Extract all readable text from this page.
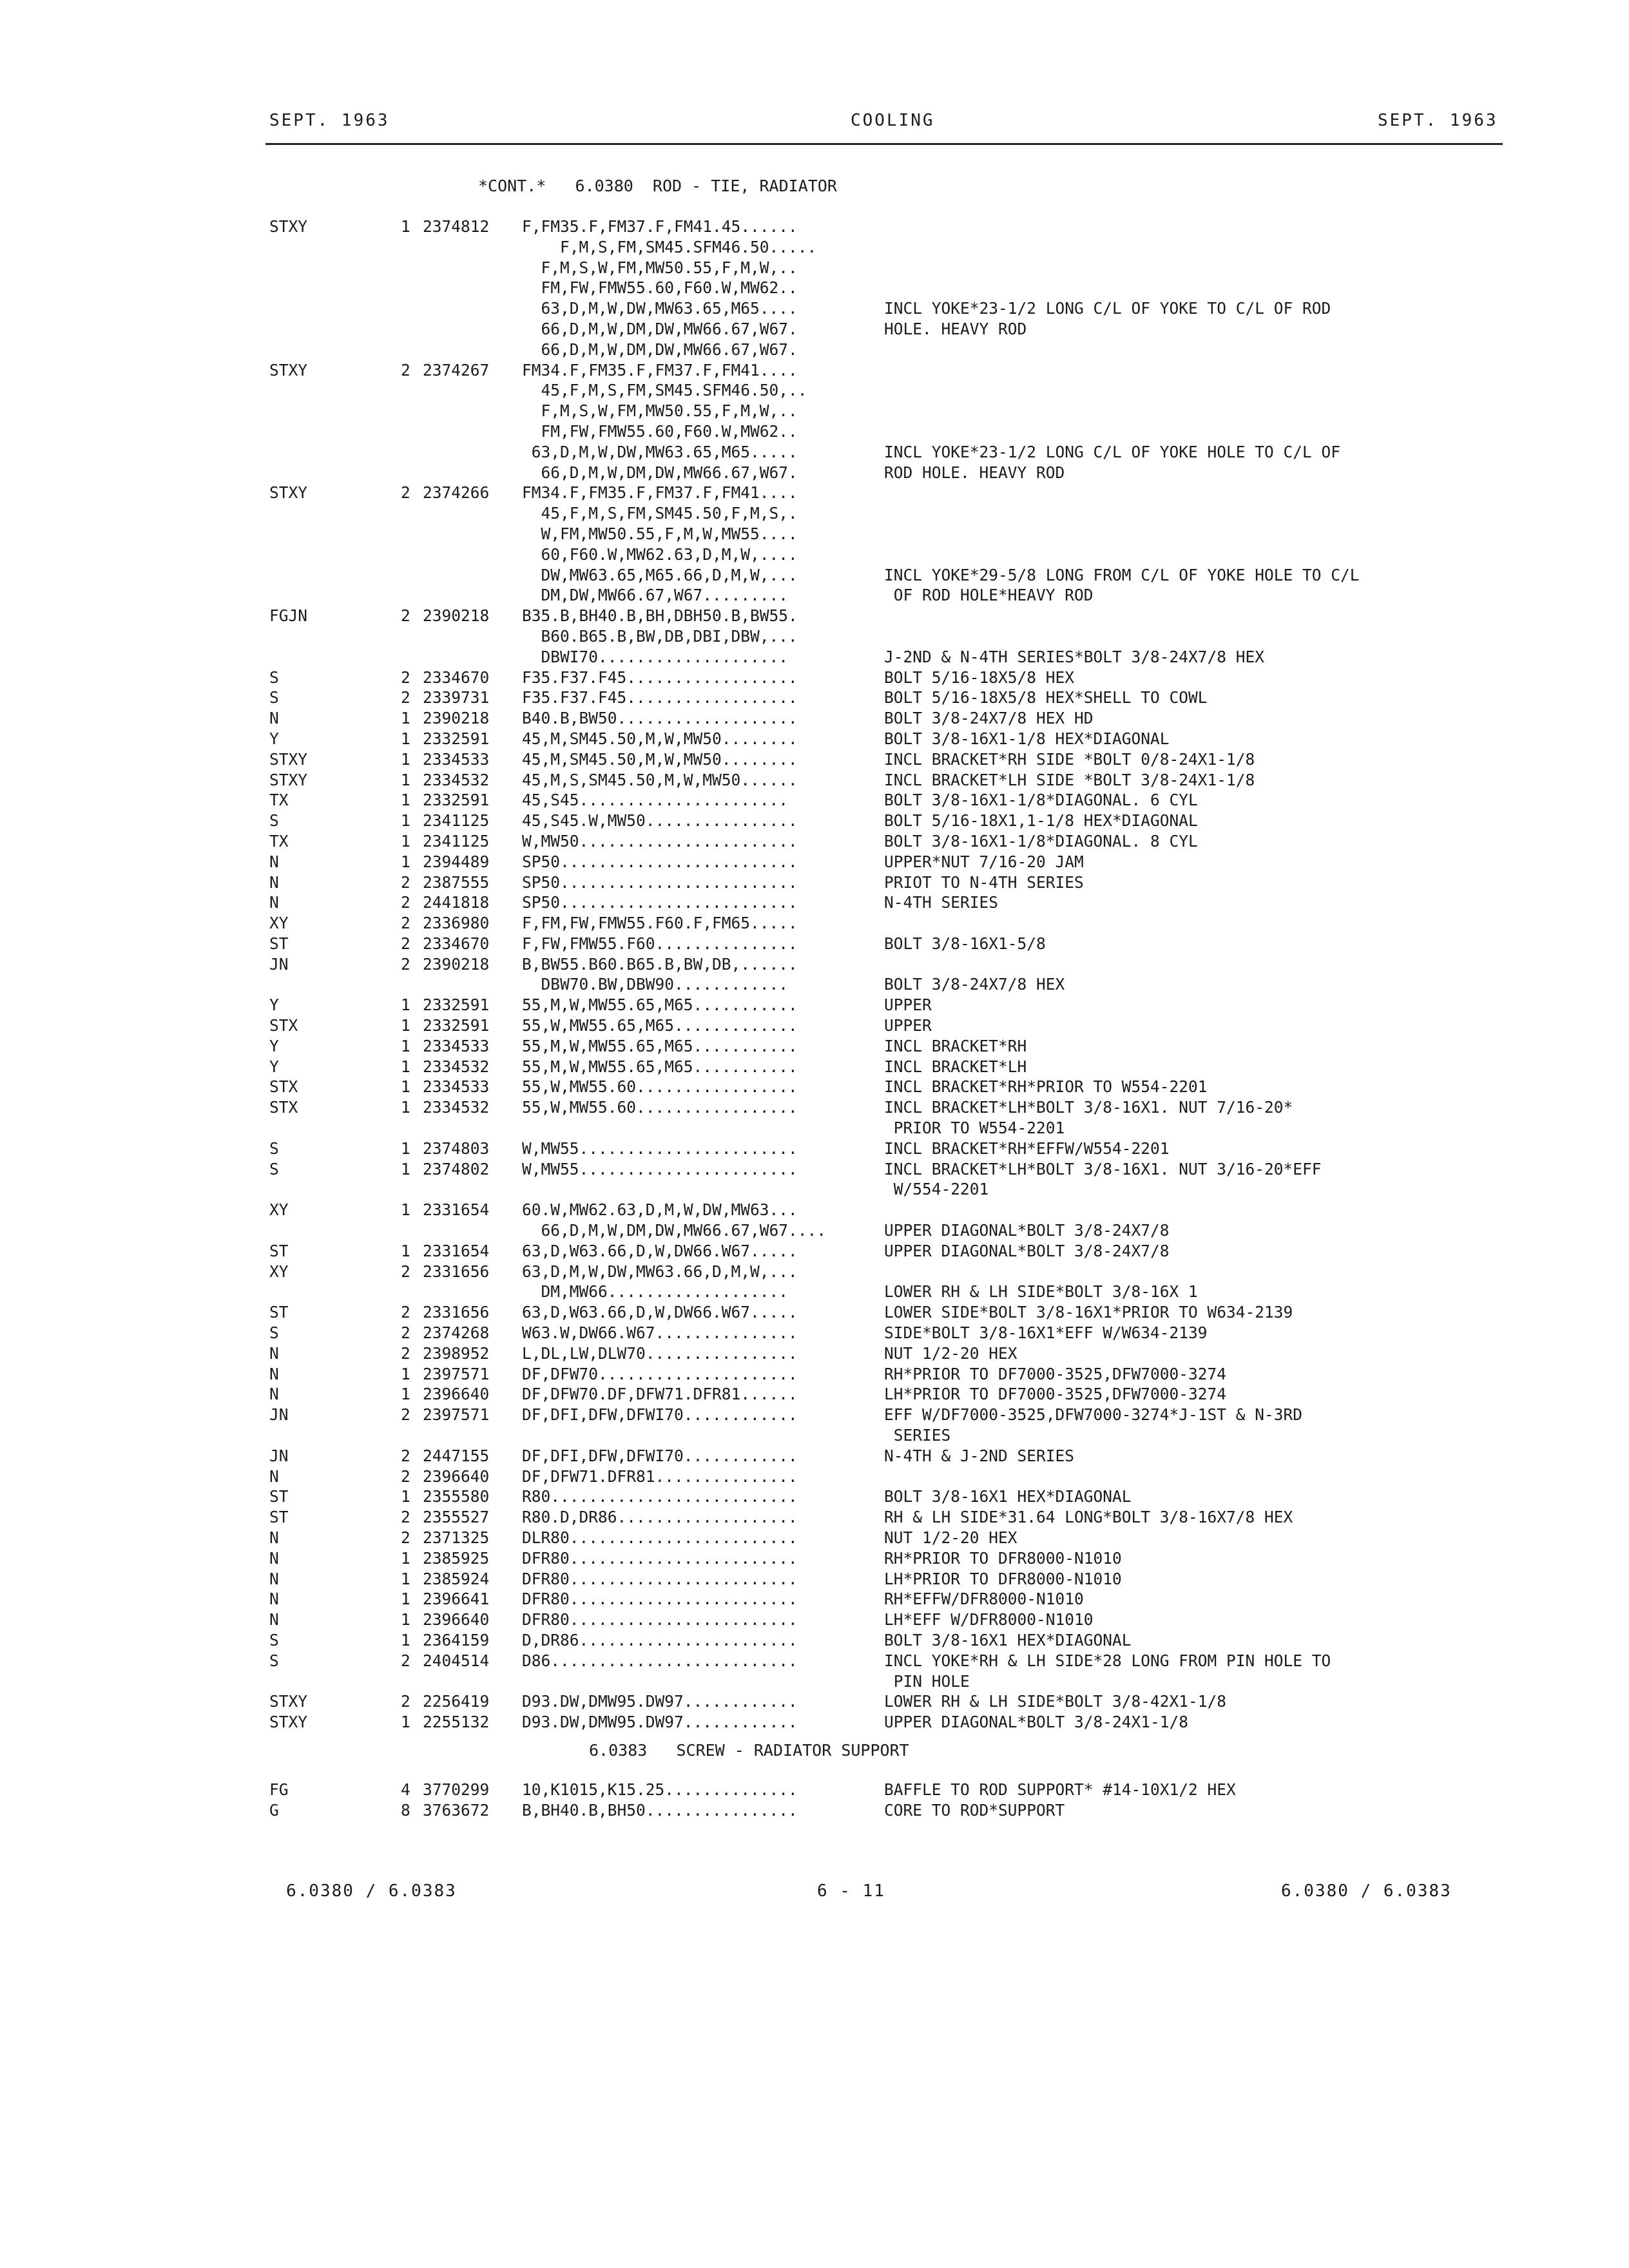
SEPT. 1963	COOLING	SEPT. 1963
*CONT.*   6.0380  ROD - TIE, RADIATOR
STXY	1 2374812 F,FM35.F,FM37.F,FM41.45......
F,M,S,FM,SM45.SFM46.50.....
F,M,S,W,FM,MW50.55,F,M,W,..
FM,FW,FMW55.60,F60.W,MW62..
63,D,M,W,DW,MW63.65,M65....	INCL YOKE*23-1/2 LONG C/L OF YOKE TO C/L OF ROD
66,D,M,W,DM,DW,MW66.67,W67.	HOLE. HEAVY ROD
66,D,M,W,DM,DW,MW66.67,W67.
STXY	2 2374267 FM34.F,FM35.F,FM37.F,FM41....
45,F,M,S,FM,SM45.SFM46.50,..
F,M,S,W,FM,MW50.55,F,M,W,..
FM,FW,FMW55.60,F60.W,MW62..
63,D,M,W,DW,MW63.65,M65.....	INCL YOKE*23-1/2 LONG C/L OF YOKE HOLE TO C/L OF
66,D,M,W,DM,DW,MW66.67,W67.	ROD HOLE. HEAVY ROD
STXY	2 2374266 FM34.F,FM35.F,FM37.F,FM41....
45,F,M,S,FM,SM45.50,F,M,S,.
W,FM,MW50.55,F,M,W,MW55....
60,F60.W,MW62.63,D,M,W,....
DW,MW63.65,M65.66,D,M,W,...	INCL YOKE*29-5/8 LONG FROM C/L OF YOKE HOLE TO C/L
DM,DW,MW66.67,W67.........	OF ROD HOLE*HEAVY ROD
FGJN	2 2390218 B35.B,BH40.B,BH,DBH50.B,BW55.
B60.B65.B,BW,DB,DBI,DBW,...
DBWI70....................	J-2ND & N-4TH SERIES*BOLT 3/8-24X7/8 HEX
S	2 2334670 F35.F37.F45..................	BOLT 5/16-18X5/8 HEX
S	2 2339731 F35.F37.F45..................	BOLT 5/16-18X5/8 HEX*SHELL TO COWL
N	1 2390218 B40.B,BW50...................	BOLT 3/8-24X7/8 HEX HD
Y	1 2332591 45,M,SM45.50,M,W,MW50........	BOLT 3/8-16X1-1/8 HEX*DIAGONAL
STXY	1 2334533 45,M,SM45.50,M,W,MW50........	INCL BRACKET*RH SIDE *BOLT 0/8-24X1-1/8
STXY	1 2334532 45,M,S,SM45.50,M,W,MW50......	INCL BRACKET*LH SIDE *BOLT 3/8-24X1-1/8
TX	1 2332591 45,S45......................	BOLT 3/8-16X1-1/8*DIAGONAL. 6 CYL
S	1 2341125 45,S45.W,MW50................	BOLT 5/16-18X1,1-1/8 HEX*DIAGONAL
TX	1 2341125 W,MW50.......................	BOLT 3/8-16X1-1/8*DIAGONAL. 8 CYL
N	1 2394489 SP50.........................	UPPER*NUT 7/16-20 JAM
N	2 2387555 SP50.........................	PRIOT TO N-4TH SERIES
N	2 2441818 SP50.........................	N-4TH SERIES
XY	2 2336980 F,FM,FW,FMW55.F60.F,FM65.....
ST	2 2334670 F,FW,FMW55.F60...............	BOLT 3/8-16X1-5/8
JN	2 2390218 B,BW55.B60.B65.B,BW,DB,......
DBW70.BW,DBW90............	BOLT 3/8-24X7/8 HEX
Y	1 2332591 55,M,W,MW55.65,M65...........	UPPER
STX	1 2332591 55,W,MW55.65,M65.............	UPPER
Y	1 2334533 55,M,W,MW55.65,M65...........	INCL BRACKET*RH
Y	1 2334532 55,M,W,MW55.65,M65...........	INCL BRACKET*LH
STX	1 2334533 55,W,MW55.60.................	INCL BRACKET*RH*PRIOR TO W554-2201
STX	1 2334532 55,W,MW55.60.................	INCL BRACKET*LH*BOLT 3/8-16X1. NUT 7/16-20*
PRIOR TO W554-2201
S	1 2374803 W,MW55.......................	INCL BRACKET*RH*EFFW/W554-2201
S	1 2374802 W,MW55.......................	INCL BRACKET*LH*BOLT 3/8-16X1. NUT 3/16-20*EFF
W/554-2201
XY	1 2331654 60.W,MW62.63,D,M,W,DW,MW63...
66,D,M,W,DM,DW,MW66.67,W67....	UPPER DIAGONAL*BOLT 3/8-24X7/8
ST	1 2331654 63,D,W63.66,D,W,DW66.W67.....	UPPER DIAGONAL*BOLT 3/8-24X7/8
XY	2 2331656 63,D,M,W,DW,MW63.66,D,M,W,...
DM,MW66...................	LOWER RH & LH SIDE*BOLT 3/8-16X 1
ST	2 2331656 63,D,W63.66,D,W,DW66.W67.....	LOWER SIDE*BOLT 3/8-16X1*PRIOR TO W634-2139
S	2 2374268 W63.W,DW66.W67...............	SIDE*BOLT 3/8-16X1*EFF W/W634-2139
N	2 2398952 L,DL,LW,DLW70................	NUT 1/2-20 HEX
N	1 2397571 DF,DFW70.....................	RH*PRIOR TO DF7000-3525,DFW7000-3274
N	1 2396640 DF,DFW70.DF,DFW71.DFR81......	LH*PRIOR TO DF7000-3525,DFW7000-3274
JN	2 2397571 DF,DFI,DFW,DFWI70............	EFF W/DF7000-3525,DFW7000-3274*J-1ST & N-3RD
SERIES
JN	2 2447155 DF,DFI,DFW,DFWI70............	N-4TH & J-2ND SERIES
N	2 2396640 DF,DFW71.DFR81...............
ST	1 2355580 R80..........................	BOLT 3/8-16X1 HEX*DIAGONAL
ST	2 2355527 R80.D,DR86...................	RH & LH SIDE*31.64 LONG*BOLT 3/8-16X7/8 HEX
N	2 2371325 DLR80........................	NUT 1/2-20 HEX
N	1 2385925 DFR80........................	RH*PRIOR TO DFR8000-N1010
N	1 2385924 DFR80........................	LH*PRIOR TO DFR8000-N1010
N	1 2396641 DFR80........................	RH*EFFW/DFR8000-N1010
N	1 2396640 DFR80........................	LH*EFF W/DFR8000-N1010
S	1 2364159 D,DR86.......................	BOLT 3/8-16X1 HEX*DIAGONAL
S	2 2404514 D86..........................	INCL YOKE*RH & LH SIDE*28 LONG FROM PIN HOLE TO
PIN HOLE
STXY	2 2256419 D93.DW,DMW95.DW97............	LOWER RH & LH SIDE*BOLT 3/8-42X1-1/8
STXY	1 2255132 D93.DW,DMW95.DW97............	UPPER DIAGONAL*BOLT 3/8-24X1-1/8
6.0383   SCREW - RADIATOR SUPPORT
FG	4 3770299 10,K1015,K15.25..............	BAFFLE TO ROD SUPPORT* #14-10X1/2 HEX
G	8 3763672 B,BH40.B,BH50................	CORE TO ROD*SUPPORT
6.0380 / 6.0383	6 - 11	6.0380 / 6.0383
